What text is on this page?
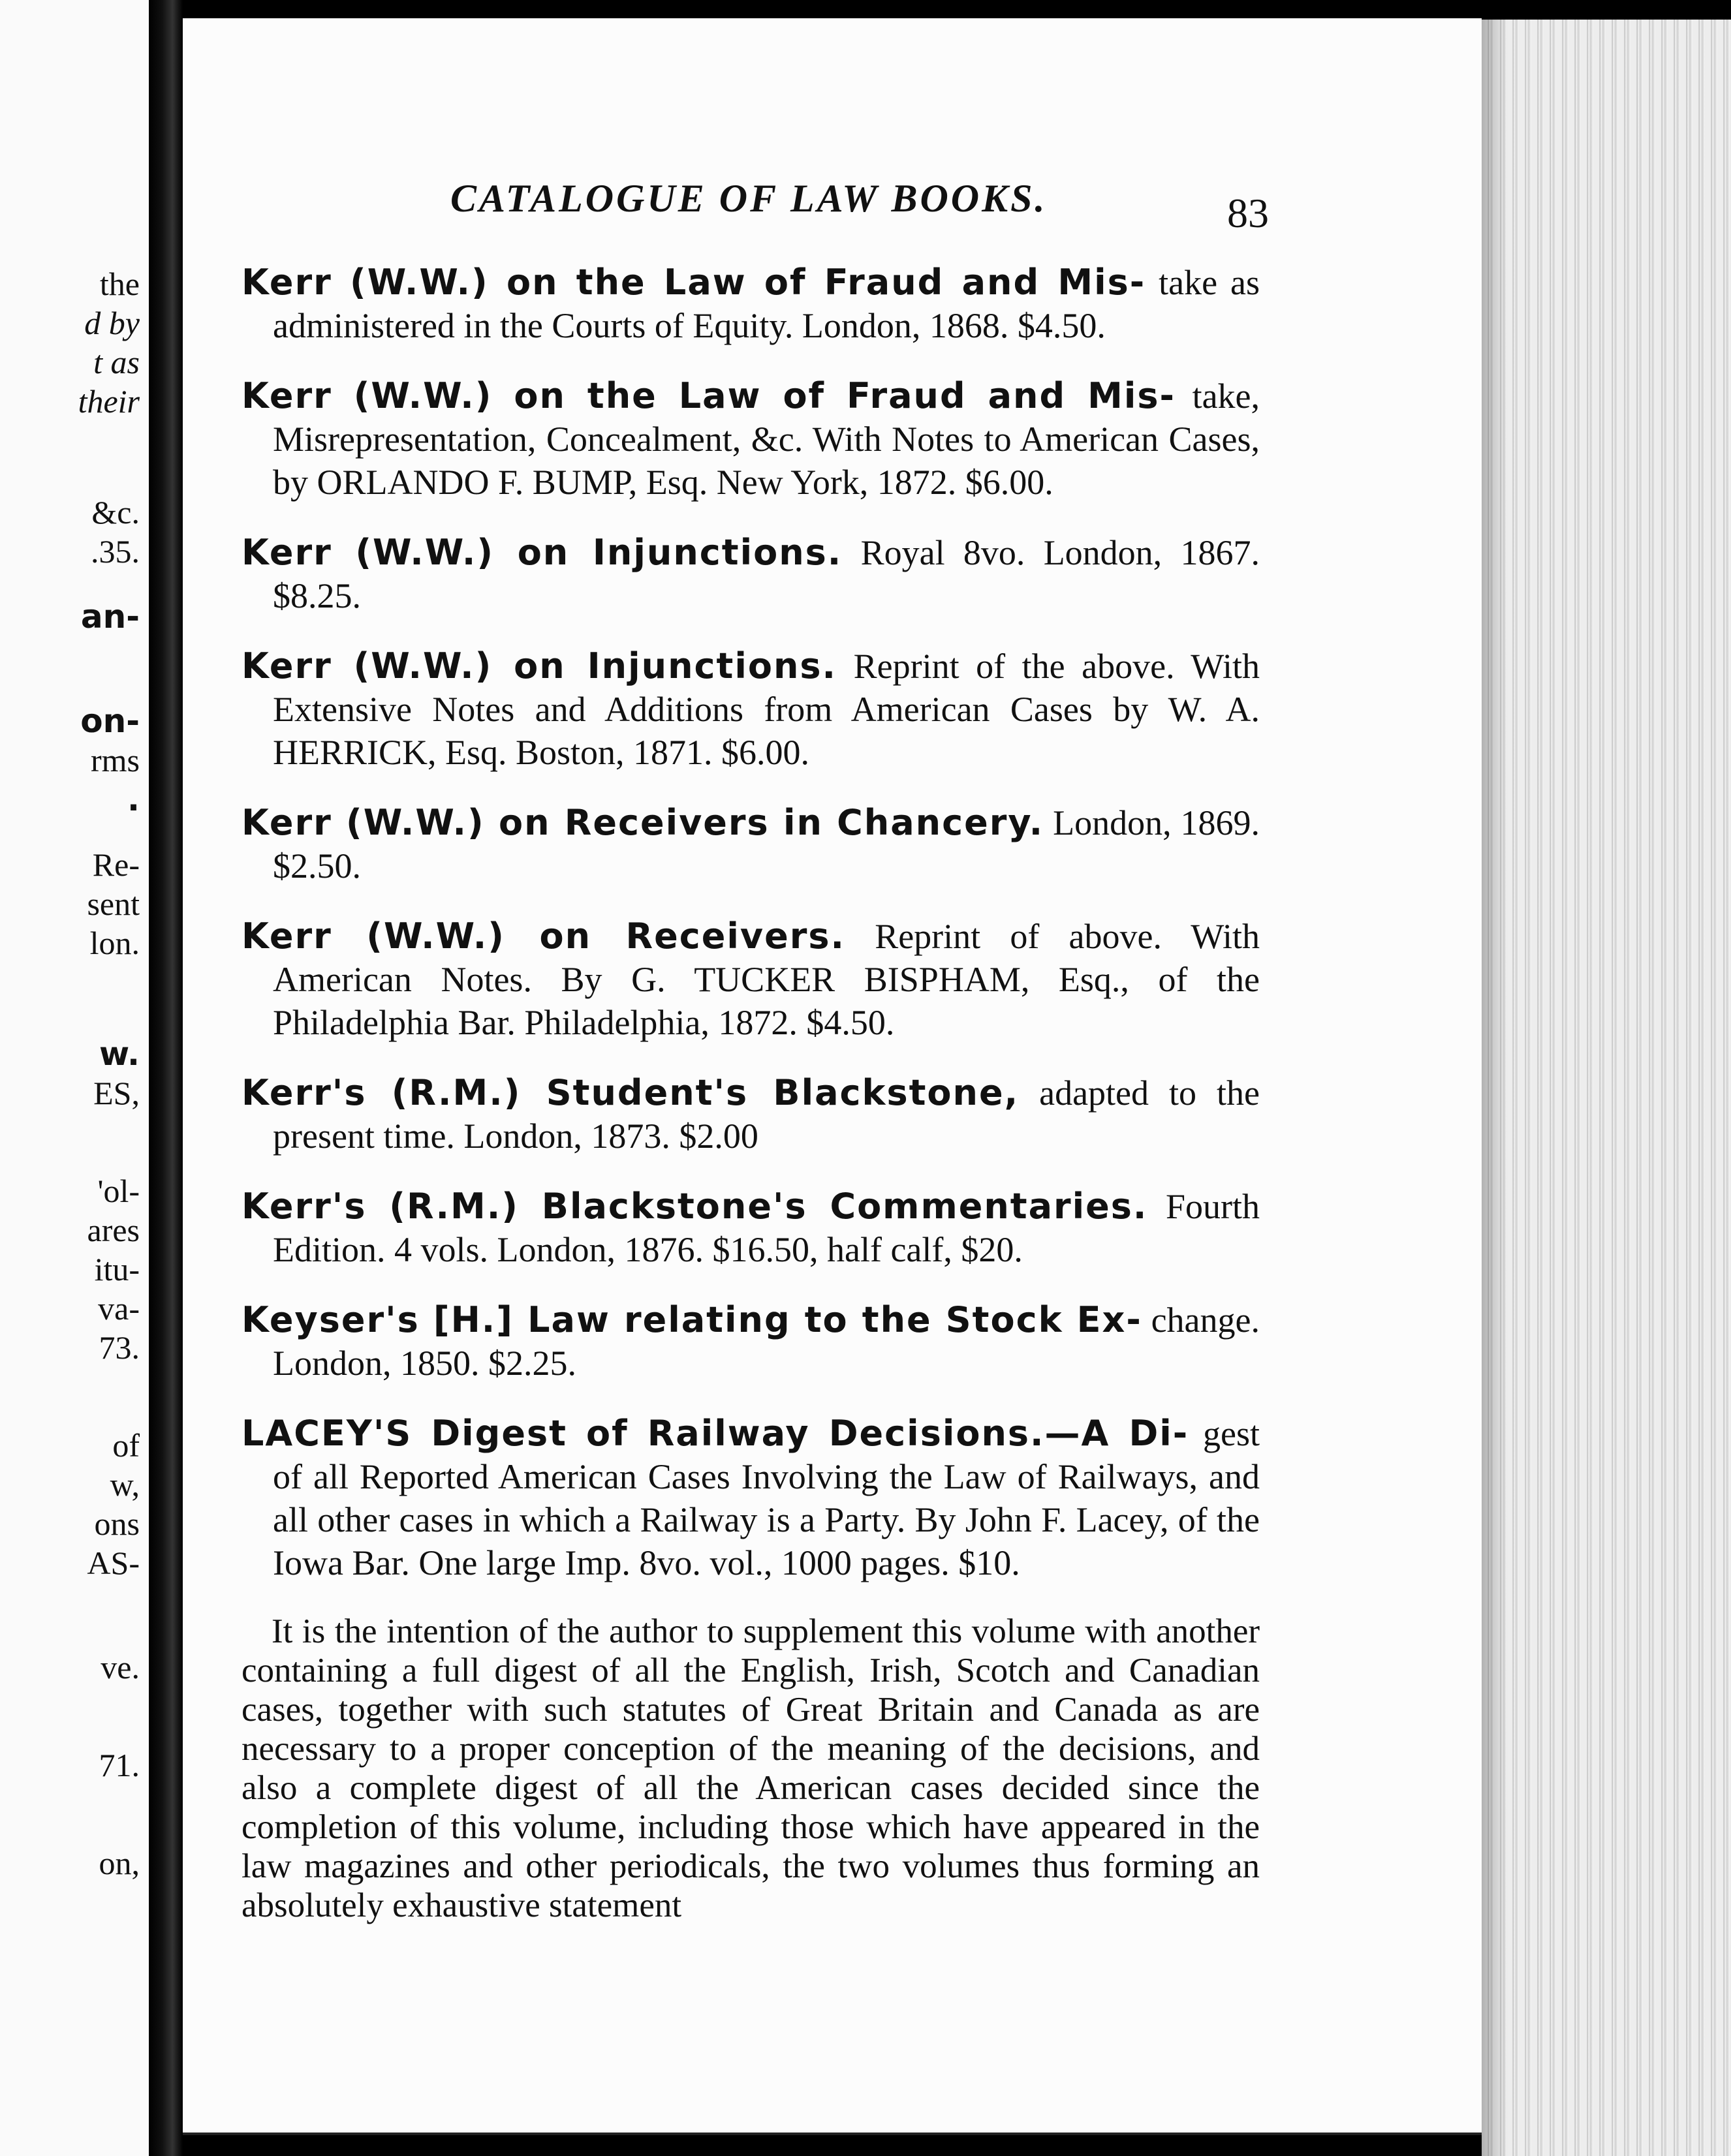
the
d by
t as
their
&c.
.35.
an-
on-
rms
.
Re-
sent
lon.
w.
ES,
'ol-
ares
itu-
va-
73.
of
w,
ons
AS-
ve.
71.
on,
CATALOGUE OF LAW BOOKS.	83
Kerr (W.W.) on the Law of Fraud and Mis- take as administered in the Courts of Equity. London, 1868. $4.50.
Kerr (W.W.) on the Law of Fraud and Mis- take, Misrepresentation, Concealment, &c. With Notes to American Cases, by ORLANDO F. BUMP, Esq. New York, 1872. $6.00.
Kerr (W.W.) on Injunctions. Royal 8vo. London, 1867. $8.25.
Kerr (W.W.) on Injunctions. Reprint of the above. With Extensive Notes and Additions from American Cases by W. A. HERRICK, Esq. Boston, 1871. $6.00.
Kerr (W.W.) on Receivers in Chancery. London, 1869. $2.50.
Kerr (W.W.) on Receivers. Reprint of above. With American Notes. By G. TUCKER BISPHAM, Esq., of the Philadelphia Bar. Philadelphia, 1872. $4.50.
Kerr's (R.M.) Student's Blackstone, adapted to the present time. London, 1873. $2.00
Kerr's (R.M.) Blackstone's Commentaries. Fourth Edition. 4 vols. London, 1876. $16.50, half calf, $20.
Keyser's [H.] Law relating to the Stock Ex- change. London, 1850. $2.25.
LACEY'S Digest of Railway Decisions.—A Di- gest of all Reported American Cases Involving the Law of Railways, and all other cases in which a Railway is a Party. By John F. Lacey, of the Iowa Bar. One large Imp. 8vo. vol., 1000 pages. $10.
It is the intention of the author to supplement this volume with another containing a full digest of all the English, Irish, Scotch and Canadian cases, together with such statutes of Great Britain and Canada as are necessary to a proper conception of the meaning of the decisions, and also a complete digest of all the American cases decided since the completion of this volume, including those which have appeared in the law magazines and other periodicals, the two volumes thus forming an absolutely exhaustive statement
